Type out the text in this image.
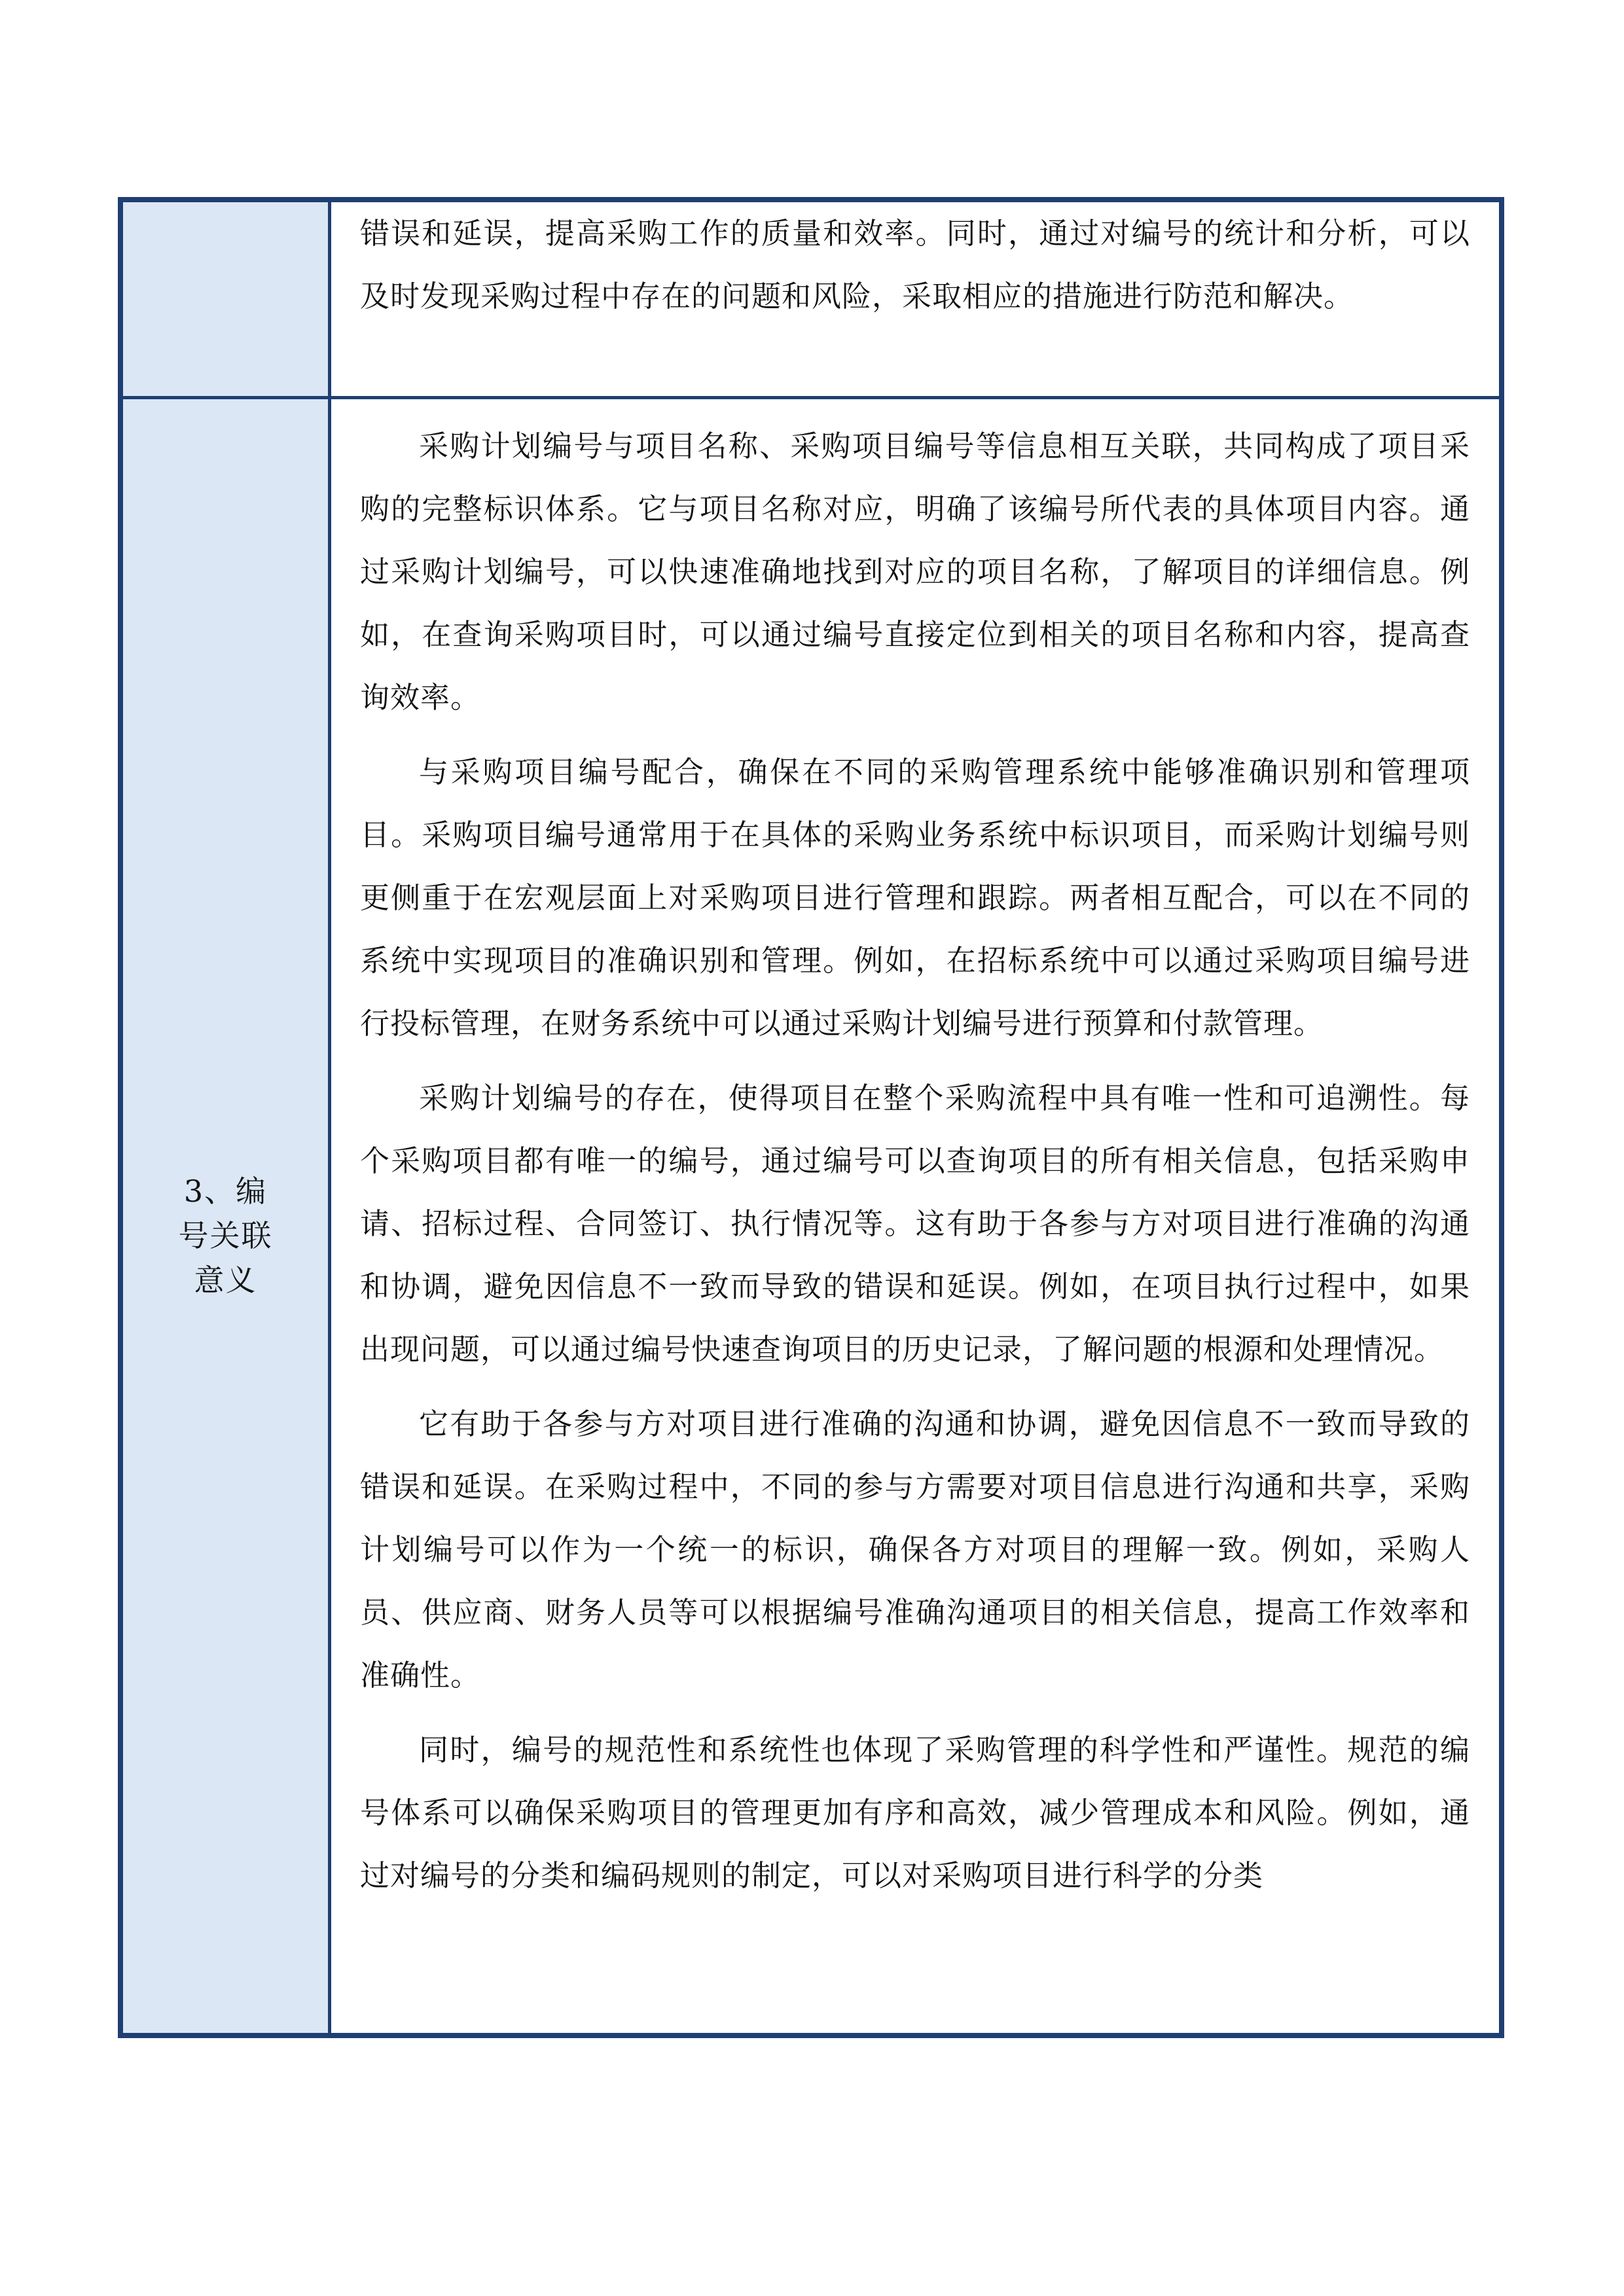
错误和延误，提高采购工作的质量和效率。同时，通过对编号的统计和分析，可以及时发现采购过程中存在的问题和风险，采取相应的措施进行防范和解决。

3、编号关联意义

采购计划编号与项目名称、采购项目编号等信息相互关联，共同构成了项目采购的完整标识体系。它与项目名称对应，明确了该编号所代表的具体项目内容。通过采购计划编号，可以快速准确地找到对应的项目名称，了解项目的详细信息。例如，在查询采购项目时，可以通过编号直接定位到相关的项目名称和内容，提高查询效率。

与采购项目编号配合，确保在不同的采购管理系统中能够准确识别和管理项目。采购项目编号通常用于在具体的采购业务系统中标识项目，而采购计划编号则更侧重于在宏观层面上对采购项目进行管理和跟踪。两者相互配合，可以在不同的系统中实现项目的准确识别和管理。例如，在招标系统中可以通过采购项目编号进行投标管理，在财务系统中可以通过采购计划编号进行预算和付款管理。

采购计划编号的存在，使得项目在整个采购流程中具有唯一性和可追溯性。每个采购项目都有唯一的编号，通过编号可以查询项目的所有相关信息，包括采购申请、招标过程、合同签订、执行情况等。这有助于各参与方对项目进行准确的沟通和协调，避免因信息不一致而导致的错误和延误。例如，在项目执行过程中，如果出现问题，可以通过编号快速查询项目的历史记录，了解问题的根源和处理情况。

它有助于各参与方对项目进行准确的沟通和协调，避免因信息不一致而导致的错误和延误。在采购过程中，不同的参与方需要对项目信息进行沟通和共享，采购计划编号可以作为一个统一的标识，确保各方对项目的理解一致。例如，采购人员、供应商、财务人员等可以根据编号准确沟通项目的相关信息，提高工作效率和准确性。

同时，编号的规范性和系统性也体现了采购管理的科学性和严谨性。规范的编号体系可以确保采购项目的管理更加有序和高效，减少管理成本和风险。例如，通过对编号的分类和编码规则的制定，可以对采购项目进行科学的分类
